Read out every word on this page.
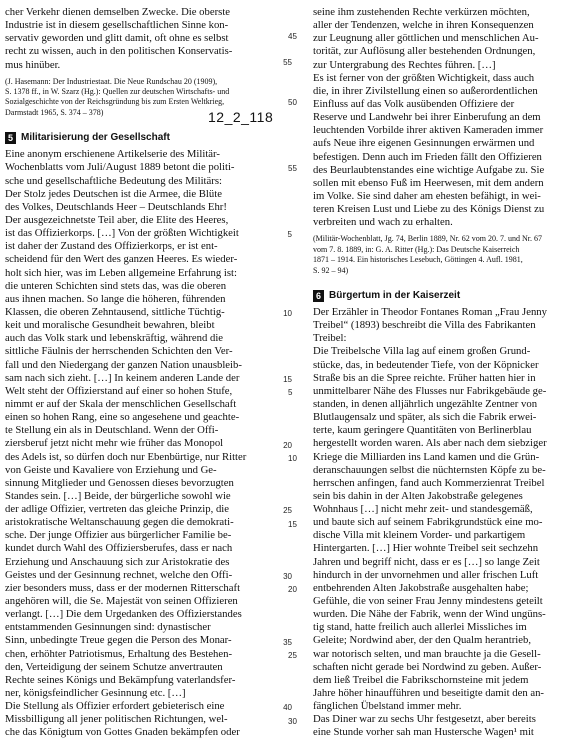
cher Verkehr dienen demselben Zwecke. Die oberste
Industrie ist in diesem gesellschaftlichen Sinne kon-
servativ geworden und glitt damit, oft ohne es selbst
recht zu wissen, auch in den politischen Konservatis-
mus hinüber.
(J. Hasemann: Der Industriestaat. Die Neue Rundschau 20 (1909),
S. 1378 ff., in W. Szarz (Hg.): Quellen zur deutschen Wirtschafts- und
Sozialgeschichte von der Reichsgründung bis zum Ersten Weltkrieg,
Darmstadt 1965, S. 374 – 378)
5 Militarisierung der Gesellschaft
Eine anonym erschienene Artikelserie des Militär-
Wochenblatts vom Juli/August 1889 betont die politi-
sche und gesellschaftliche Bedeutung des Militärs:
Der Stolz jedes Deutschen ist die Armee, die Blüte
des Volkes, Deutschlands Heer – Deutschlands Ehr!
Der ausgezeichnetste Teil aber, die Elite des Heeres,
ist das Offizierkorps. […] Von der größten Wichtigkeit
ist daher der Zustand des Offizierkorps, er ist ent-
scheidend für den Wert des ganzen Heeres. Es wieder-
holt sich hier, was im Leben allgemeine Erfahrung ist:
die unteren Schichten sind stets das, was die oberen
aus ihnen machen. So lange die höheren, führenden
Klassen, die oberen Zehntausend, sittliche Tüchtig-
keit und moralische Gesundheit bewahren, bleibt
auch das Volk stark und lebenskräftig, während die
sittliche Fäulnis der herrschenden Schichten den Ver-
fall und den Niedergang der ganzen Nation unausbleib-
sam nach sich zieht. […] In keinem anderen Lande der
Welt steht der Offizierstand auf einer so hohen Stufe,
nimmt er auf der Skala der menschlichen Gesellschaft
einen so hohen Rang, eine so angesehene und geachte-
te Stellung ein als in Deutschland. Wenn der Offi-
ziersberuf jetzt nicht mehr wie früher das Monopol
des Adels ist, so dürfen doch nur Ebenbürtige, nur Ritter
von Geiste und Kavaliere von Erziehung und Ge-
sinnung Mitglieder und Genossen dieses bevorzugten
Standes sein. […] Beide, der bürgerliche sowohl wie
der adlige Offizier, vertreten das gleiche Prinzip, die
aristokratische Weltanschauung gegen die demokrati-
sche. Der junge Offizier aus bürgerlicher Familie be-
kundet durch Wahl des Offiziersberufes, dass er nach
Erziehung und Anschauung sich zur Aristokratie des
Geistes und der Gesinnung rechnet, welche den Offi-
zier besonders muss, dass er der modernen Ritterschaft
angehören will, die Se. Majestät von seinen Offizieren
verlangt. […] Die dem Urgedanken des Offizierstandes
entstammenden Gesinnungen sind: dynastischer
Sinn, unbedingte Treue gegen die Person des Monar-
chen, erhöhter Patriotismus, Erhaltung des Bestehen-
den, Verteidigung der seinem Schutze anvertrauten
Rechte seines Königs und Bekämpfung vaterlandsfer-
ner, königsfeindlicher Gesinnung etc. […]
Die Stellung als Offizier erfordert gebieterisch eine
Missbilligung all jener politischen Richtungen, wel-
che das Königtum von Gottes Gnaden bekämpfen oder
12_2_118
55
5
10
15
20
25
30
35
40
45
50
55
5
10
15
20
25
30
seine ihm zustehenden Rechte verkürzen möchten,
aller der Tendenzen, welche in ihren Konsequenzen
zur Leugnung aller göttlichen und menschlichen Au-
torität, zur Auflösung aller bestehenden Ordnungen,
zur Untergrabung des Rechtes führen. […]
Es ist ferner von der größten Wichtigkeit, dass auch
die, in ihrer Zivilstellung einen so außerordentlichen
Einfluss auf das Volk ausübenden Offiziere der
Reserve und Landwehr bei ihrer Einberufung an dem
leuchtenden Vorbilde ihrer aktiven Kameraden immer
aufs Neue ihre eigenen Gesinnungen erwärmen und
befestigen. Denn auch im Frieden fällt den Offizieren
des Beurlaubtenstandes eine wichtige Aufgabe zu. Sie
sollen mit ebenso Fuß im Heerwesen, mit dem andern
im Volke. Sie sind daher am ehesten befähigt, in wei-
teren Kreisen Lust und Liebe zu des Königs Dienst zu
verbreiten und wach zu erhalten.
(Militär-Wochenblatt, Jg. 74, Berlin 1889, Nr. 62 vom 20. 7. und Nr. 67
vom 7. 8. 1889, in: G. A. Ritter (Hg.): Das Deutsche Kaiserreich
1871 – 1914. Ein historisches Lesebuch, Göttingen 4. Aufl. 1981,
S. 92 – 94)
6 Bürgertum in der Kaiserzeit
Der Erzähler in Theodor Fontanes Roman „Frau Jenny
Treibel“ (1893) beschreibt die Villa des Fabrikanten
Treibel:
Die Treibelsche Villa lag auf einem großen Grund-
stücke, das, in bedeutender Tiefe, von der Köpnicker
Straße bis an die Spree reichte. Früher hatten hier in
unmittelbarer Nähe des Flusses nur Fabrikgebäude ge-
standen, in denen alljährlich ungezählte Zentner von
Blutlaugensalz und später, als sich die Fabrik erwei-
terte, kaum geringere Quantitäten von Berlinerblau
hergestellt worden waren. Als aber nach dem siebziger
Kriege die Milliarden ins Land kamen und die Grün-
deranschauungen selbst die nüchternsten Köpfe zu be-
herrschen anfingen, fand auch Kommerzienrat Treibel
sein bis dahin in der Alten Jakobstraße gelegenes
Wohnhaus […] nicht mehr zeit- und standesgemäß,
und baute sich auf seinem Fabrikgrundstück eine mo-
dische Villa mit kleinem Vorder- und parkartigem
Hintergarten. […] Hier wohnte Treibel seit sechzehn
Jahren und begriff nicht, dass er es […] so lange Zeit
hindurch in der unvornehmen und aller frischen Luft
entbehrenden Alten Jakobstraße ausgehalten habe;
Gefühle, die von seiner Frau Jenny mindestens geteilt
wurden. Die Nähe der Fabrik, wenn der Wind ungüns-
tig stand, hatte freilich auch allerlei Missliches im
Geleite; Nordwind aber, der den Qualm herantrieb,
war notorisch selten, und man brauchte ja die Gesell-
schaften nicht gerade bei Nordwind zu geben. Außer-
dem ließ Treibel die Fabrikschornsteine mit jedem
Jahre höher hinaufführen und beseitigte damit den an-
fänglichen Übelstand immer mehr.
Das Diner war zu sechs Uhr festgesetzt, aber bereits
eine Stunde vorher sah man Hustersche Wagen¹ mit
